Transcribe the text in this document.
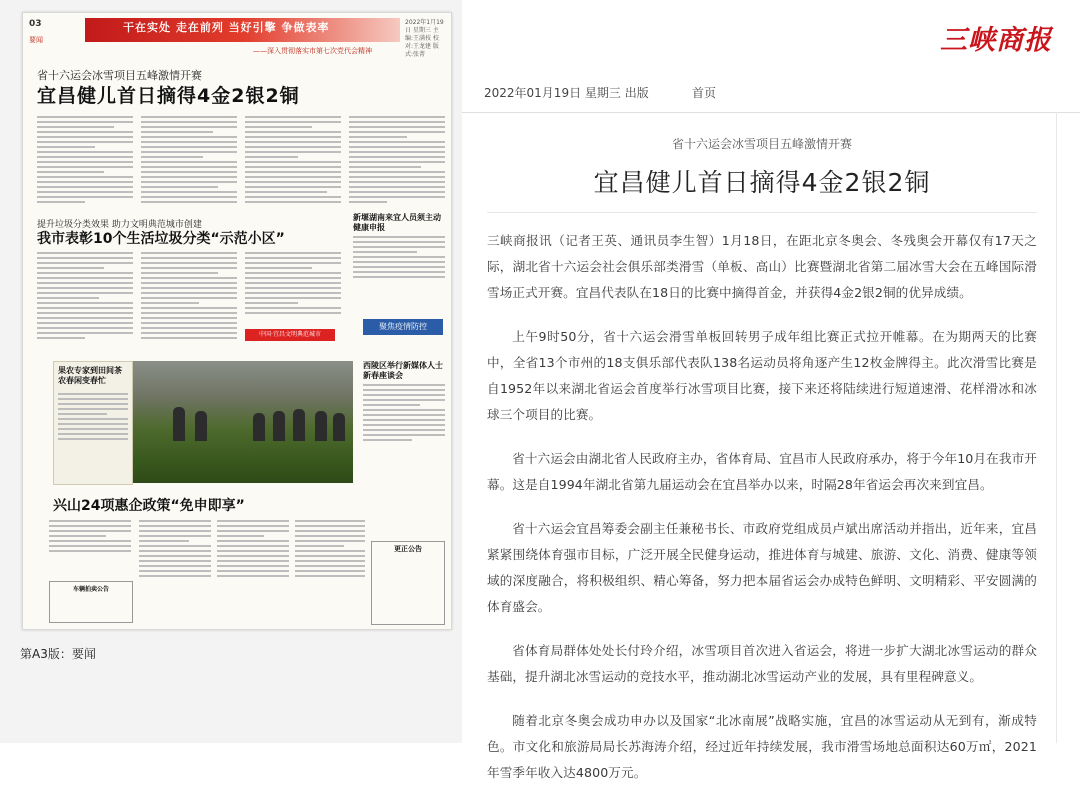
03
要闻
干在实处 走在前列 当好引擎 争做表率
——深入贯彻落实市第七次党代会精神
2022年1月19日 星期三 主编:王满枝 校对:王龙建 版式:张菁
省十六运会冰雪项目五峰激情开赛
宜昌健儿首日摘得4金2银2铜
提升垃圾分类效果 助力文明典范城市创建
我市表彰10个生活垃圾分类“示范小区”
中国·宜昌文明典范城市
新堰湖南来宜人员须主动健康申报
聚焦疫情防控
果农专家到田间茶农春闲变春忙
西陵区举行新媒体人士新春座谈会
兴山24项惠企政策“免申即享”
更正公告
车辆拍卖公告
第A3版：要闻
三峡商报
2022年01月19日 星期三 出版	首页
省十六运会冰雪项目五峰激情开赛
宜昌健儿首日摘得4金2银2铜

三峡商报讯（记者王英、通讯员李生智）1月18日，在距北京冬奥会、冬残奥会开幕仅有17天之际，湖北省十六运会社会俱乐部类滑雪（单板、高山）比赛暨湖北省第二届冰雪大会在五峰国际滑雪场正式开赛。宜昌代表队在18日的比赛中摘得首金，并获得4金2银2铜的优异成绩。

上午9时50分，省十六运会滑雪单板回转男子成年组比赛正式拉开帷幕。在为期两天的比赛中，全省13个市州的18支俱乐部代表队138名运动员将角逐产生12枚金牌得主。此次滑雪比赛是自1952年以来湖北省运会首度举行冰雪项目比赛，接下来还将陆续进行短道速滑、花样滑冰和冰球三个项目的比赛。

省十六运会由湖北省人民政府主办，省体育局、宜昌市人民政府承办，将于今年10月在我市开幕。这是自1994年湖北省第九届运动会在宜昌举办以来，时隔28年省运会再次来到宜昌。

省十六运会宜昌筹委会副主任兼秘书长、市政府党组成员卢斌出席活动并指出，近年来，宜昌紧紧围绕体育强市目标，广泛开展全民健身运动，推进体育与城建、旅游、文化、消费、健康等领域的深度融合，将积极组织、精心筹备，努力把本届省运会办成特色鲜明、文明精彩、平安圆满的体育盛会。

省体育局群体处处长付玲介绍，冰雪项目首次进入省运会，将进一步扩大湖北冰雪运动的群众基础，提升湖北冰雪运动的竞技水平，推动湖北冰雪运动产业的发展，具有里程碑意义。

随着北京冬奥会成功申办以及国家“北冰南展”战略实施，宜昌的冰雪运动从无到有，渐成特色。市文化和旅游局局长苏海涛介绍，经过近年持续发展，我市滑雪场地总面积达60万㎡，2021年雪季年收入达4800万元。
